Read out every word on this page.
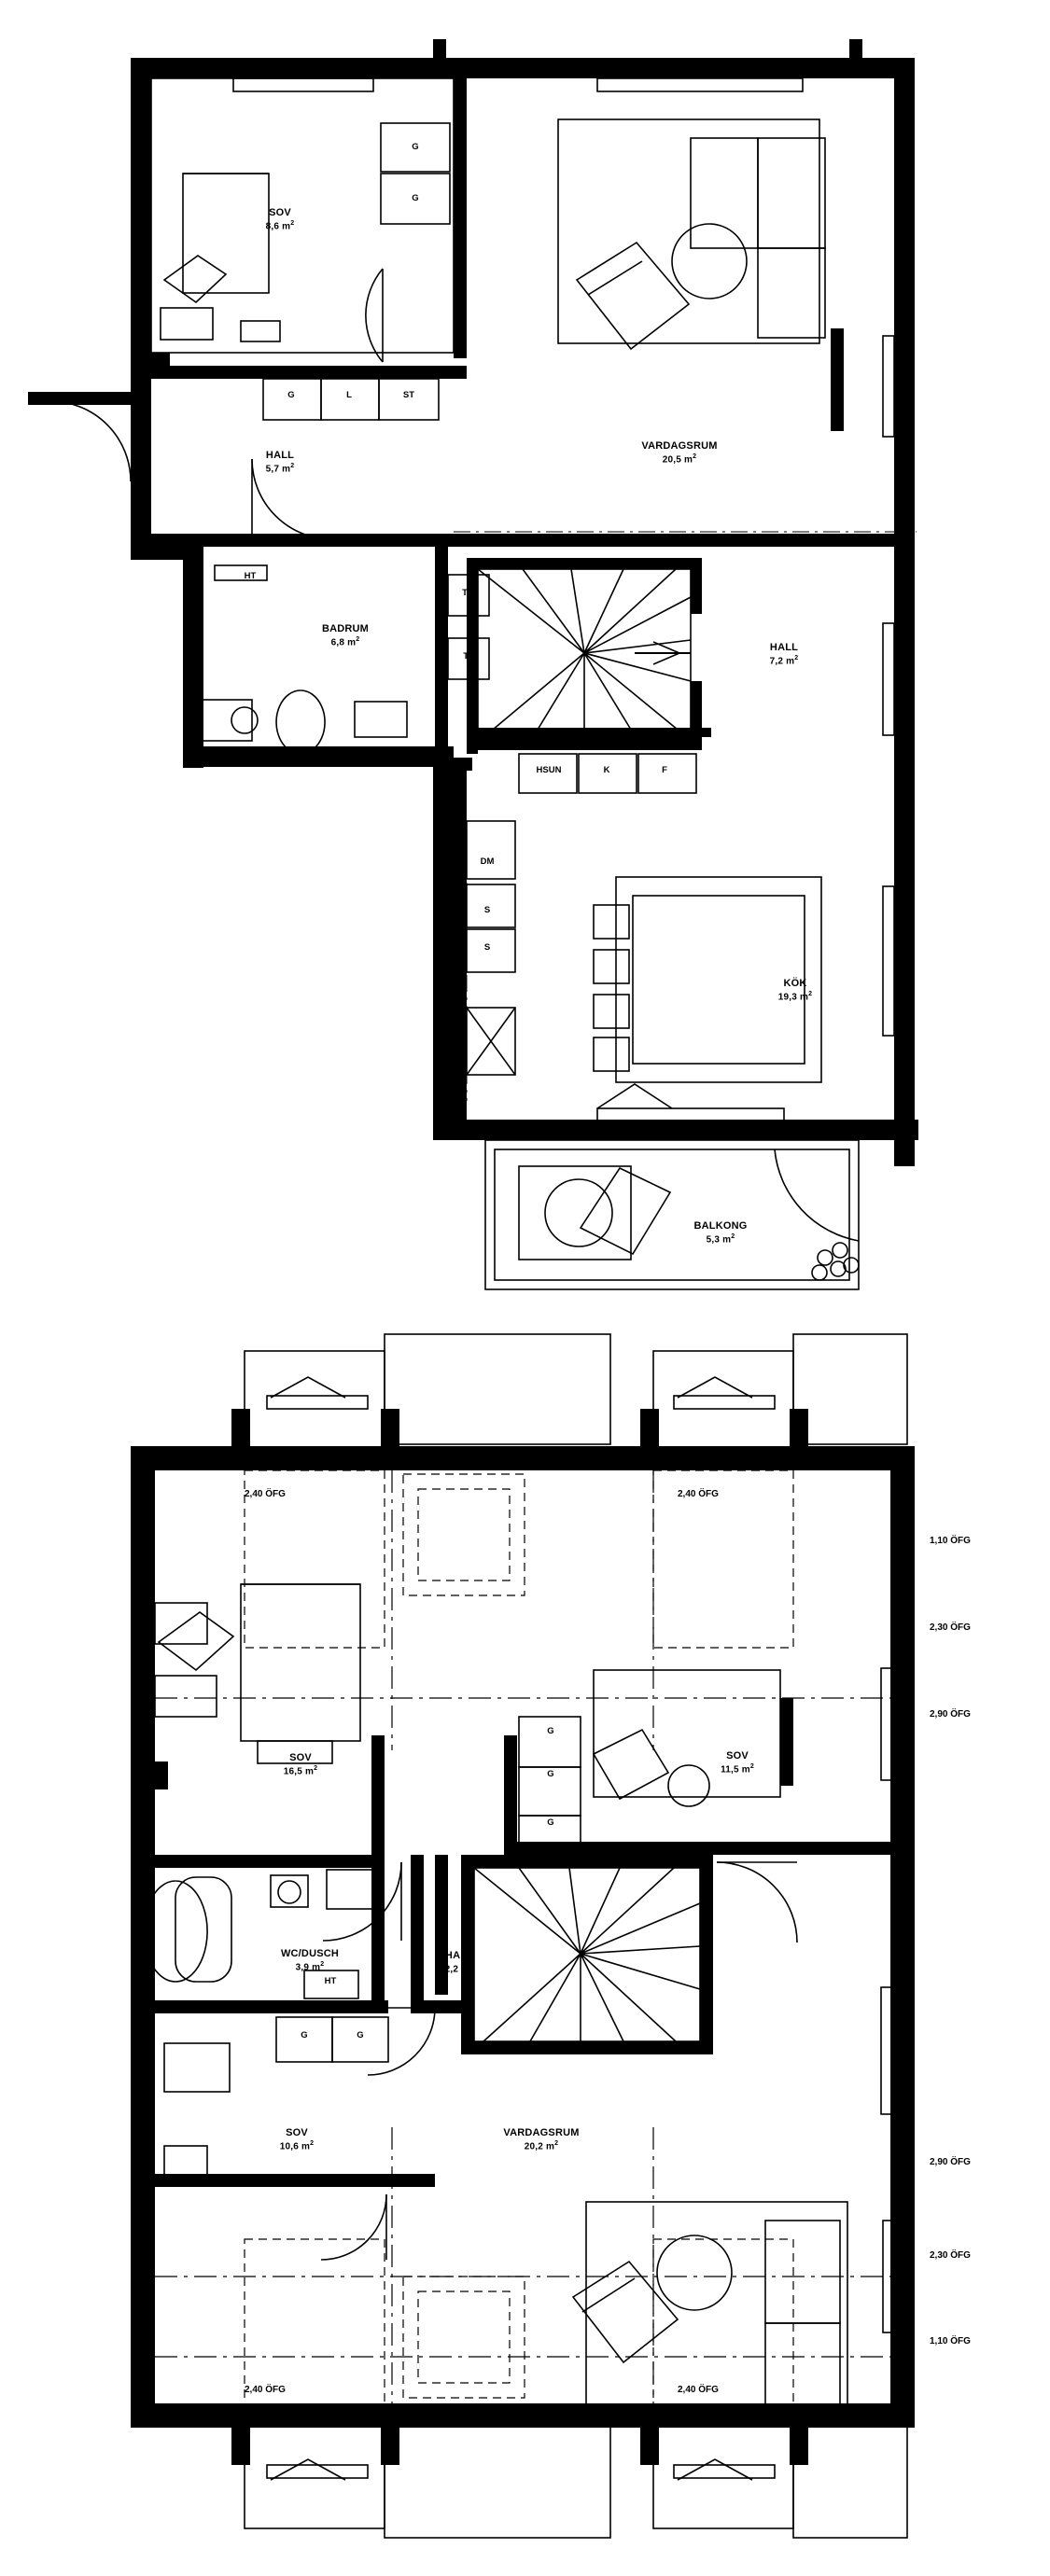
SOV
8,6 $m^2$
HALL
5,7 $m^2$
VARDAGSRUM
20,5 $m^2$
BADRUM
6,8 $m^2$
HALL
7,2 $m^2$
KÖK
19,3 $m^2$
BALKONG
5,3 $m^2$
G
G
G	L	ST
HT
TM
TT
HSUN	K	F
DM
S
S
SOV
16,5 $m^2$
SOV
11,5 $m^2$
WC/DUSCH
3,9 $m^2$
HALL
2,2 $m^2$
SOV
10,6 $m^2$
VARDAGSRUM
20,2 $m^2$
G
G
G
HT
G	G
2,40 ÖFG	2,40 ÖFG
1,10 ÖFG
2,30 ÖFG
2,90 ÖFG
2,90 ÖFG
2,30 ÖFG
1,10 ÖFG
2,40 ÖFG	2,40 ÖFG
